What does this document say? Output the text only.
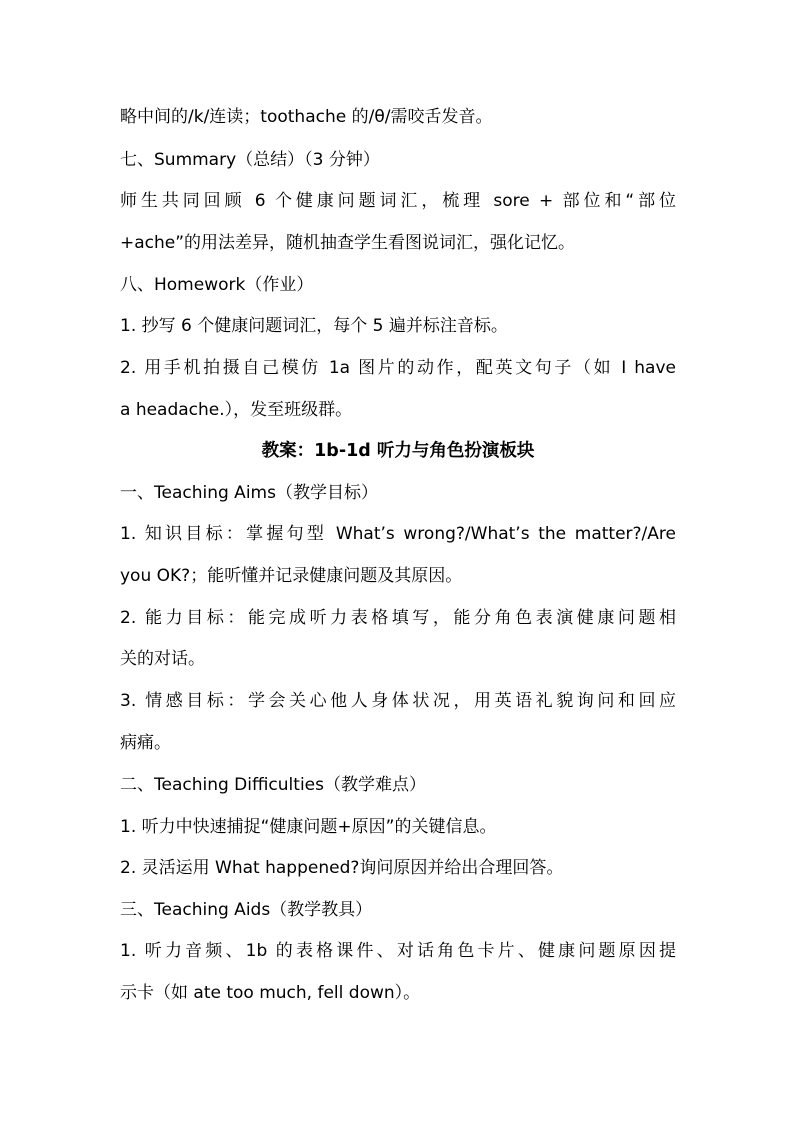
略中间的/k/连读；toothache 的/θ/需咬舌发音。
七、Summary（总结）（3 分钟）
师生共同回顾 6 个健康问题词汇，梳理 sore + 部位和“部位
+ache”的用法差异，随机抽查学生看图说词汇，强化记忆。
八、Homework（作业）
1. 抄写 6 个健康问题词汇，每个 5 遍并标注音标。
2. 用手机拍摄自己模仿 1a 图片的动作，配英文句子（如 I have
a headache.），发至班级群。
教案：1b-1d 听力与角色扮演板块
一、Teaching Aims（教学目标）
1. 知识目标：掌握句型 What’s wrong?/What’s the matter?/Are
you OK?；能听懂并记录健康问题及其原因。
2. 能力目标：能完成听力表格填写，能分角色表演健康问题相
关的对话。
3. 情感目标：学会关心他人身体状况，用英语礼貌询问和回应
病痛。
二、Teaching Difficulties（教学难点）
1. 听力中快速捕捉“健康问题+原因”的关键信息。
2. 灵活运用 What happened?询问原因并给出合理回答。
三、Teaching Aids（教学教具）
1. 听力音频、1b 的表格课件、对话角色卡片、健康问题原因提
示卡（如 ate too much, fell down）。
